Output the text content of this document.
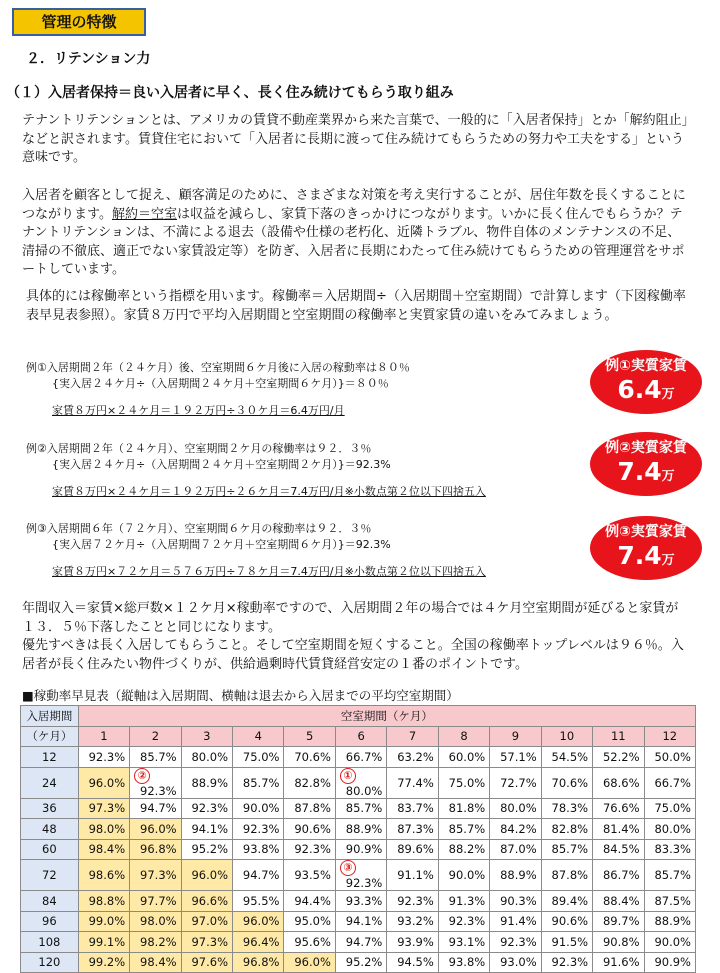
管理の特徴
２．リテンション力
（１）入居者保持＝良い入居者に早く、長く住み続けてもらう取り組み
テナントリテンションとは、アメリカの賃貸不動産業界から来た言葉で、一般的に「入居者保持」とか「解約阻止」などと訳されます。賃貸住宅において「入居者に長期に渡って住み続けてもらうための努力や工夫をする」という意味です。
入居者を顧客として捉え、顧客満足のために、さまざまな対策を考え実行することが、居住年数を長くすることにつながります。解約＝空室は収益を減らし、家賃下落のきっかけにつながります。いかに長く住んでもらうか？テナントリテンションは、不満による退去（設備や仕様の老朽化、近隣トラブル、物件自体のメンテナンスの不足、清掃の不徹底、適正でない家賃設定等）を防ぎ、入居者に長期にわたって住み続けてもらうための管理運営をサポートしています。
具体的には稼働率という指標を用います。稼働率＝入居期間÷（入居期間＋空室期間）で計算します（下図稼働率表早見表参照）。家賃８万円で平均入居期間と空室期間の稼働率と実質家賃の違いをみてみましょう。
例①入居期間２年（２４ケ月）後、空室期間６ケ月後に入居の稼動率は８０％
{実入居２４ケ月÷（入居期間２４ケ月＋空室期間６ケ月）}＝８０％
家賃８万円×２４ケ月＝１９２万円÷３０ケ月＝6.4万円/月
例①実質家賃
6.4万
例②入居期間２年（２４ケ月）、空室期間２ケ月の稼働率は９２．３％
{実入居２４ケ月÷（入居期間２４ケ月＋空室期間２ケ月）}＝92.3%
家賃８万円×２４ケ月＝１９２万円÷２６ケ月＝7.4万円/月※小数点第２位以下四捨五入
例②実質家賃
7.4万
例③入居期間６年（７２ケ月）、空室期間６ケ月の稼動率は９２．３％
{実入居７２ケ月÷（入居期間７２ケ月＋空室期間６ケ月）}＝92.3%
家賃８万円×７２ケ月＝５７６万円÷７８ケ月＝7.4万円/月※小数点第２位以下四捨五入
例③実質家賃
7.4万
年間収入＝家賃×総戸数×１２ケ月×稼動率ですので、入居期間２年の場合では４ケ月空室期間が延びると家賃が１３．５％下落したことと同じになります。
優先すべきは長く入居してもらうこと。そして空室期間を短くすること。全国の稼働率トップレベルは９６％。入居者が長く住みたい物件づくりが、供給過剰時代賃貸経営安定の１番のポイントです。
■稼動率早見表（縦軸は入居期間、横軸は退去から入居までの平均空室期間）
入居期間	空室期間（ケ月）											
（ケ月）	1	2	3	4	5	6	7	8	9	10	11	12
12	92.3%	85.7%	80.0%	75.0%	70.6%	66.7%	63.2%	60.0%	57.1%	54.5%	52.2%	50.0%
24	96.0%	②
92.3%	88.9%	85.7%	82.8%	①
80.0%	77.4%	75.0%	72.7%	70.6%	68.6%	66.7%
36	97.3%	94.7%	92.3%	90.0%	87.8%	85.7%	83.7%	81.8%	80.0%	78.3%	76.6%	75.0%
48	98.0%	96.0%	94.1%	92.3%	90.6%	88.9%	87.3%	85.7%	84.2%	82.8%	81.4%	80.0%
60	98.4%	96.8%	95.2%	93.8%	92.3%	90.9%	89.6%	88.2%	87.0%	85.7%	84.5%	83.3%
72	98.6%	97.3%	96.0%	94.7%	93.5%	③
92.3%	91.1%	90.0%	88.9%	87.8%	86.7%	85.7%
84	98.8%	97.7%	96.6%	95.5%	94.4%	93.3%	92.3%	91.3%	90.3%	89.4%	88.4%	87.5%
96	99.0%	98.0%	97.0%	96.0%	95.0%	94.1%	93.2%	92.3%	91.4%	90.6%	89.7%	88.9%
108	99.1%	98.2%	97.3%	96.4%	95.6%	94.7%	93.9%	93.1%	92.3%	91.5%	90.8%	90.0%
120	99.2%	98.4%	97.6%	96.8%	96.0%	95.2%	94.5%	93.8%	93.0%	92.3%	91.6%	90.9%
